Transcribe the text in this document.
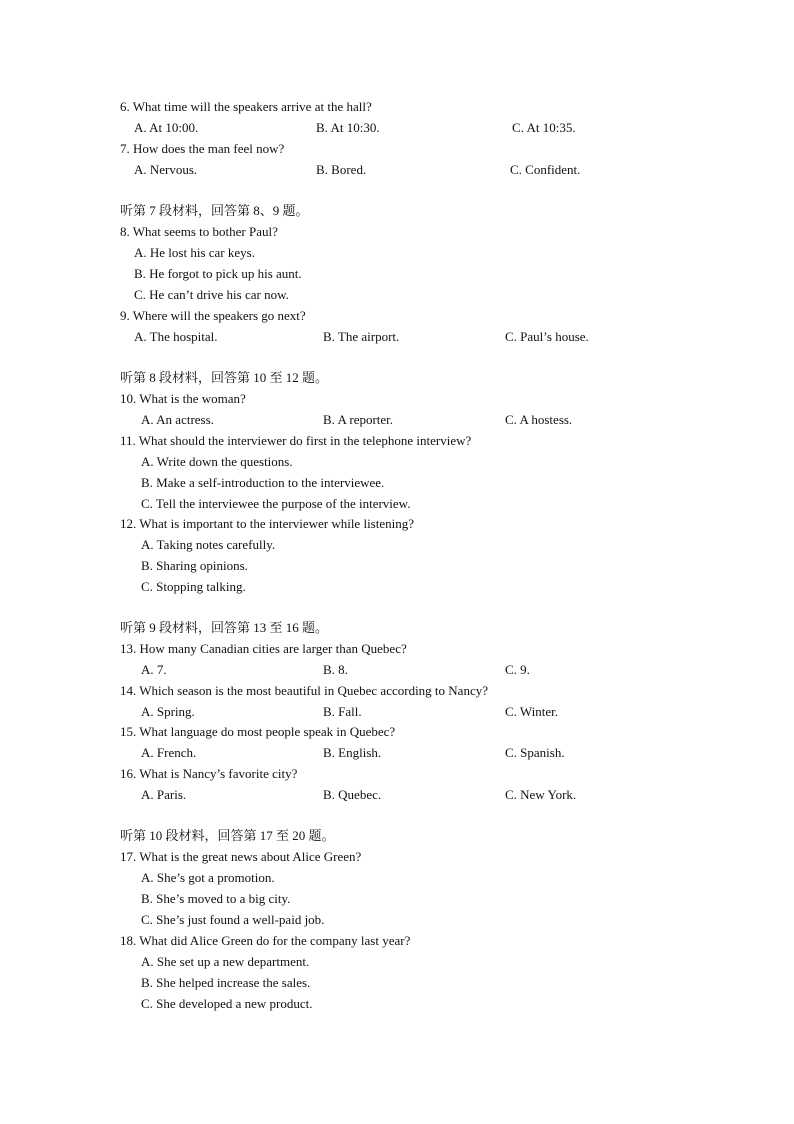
6. What time will the speakers arrive at the hall?
A. At 10:00.	B. At 10:30.	C. At 10:35.
7. How does the man feel now?
A. Nervous.	B. Bored.	C. Confident.
听第 7 段材料，回答第 8、9 题。
8. What seems to bother Paul?
A. He lost his car keys.
B. He forgot to pick up his aunt.
C. He can’t drive his car now.
9. Where will the speakers go next?
A. The hospital.	B. The airport.	C. Paul’s house.
听第 8 段材料，回答第 10 至 12 题。
10. What is the woman?
A. An actress.	B. A reporter.	C. A hostess.
11. What should the interviewer do first in the telephone interview?
A. Write down the questions.
B. Make a self-introduction to the interviewee.
C. Tell the interviewee the purpose of the interview.
12. What is important to the interviewer while listening?
A. Taking notes carefully.
B. Sharing opinions.
C. Stopping talking.
听第 9 段材料，回答第 13 至 16 题。
13. How many Canadian cities are larger than Quebec?
A. 7.	B. 8.	C. 9.
14. Which season is the most beautiful in Quebec according to Nancy?
A. Spring.	B. Fall.	C. Winter.
15. What language do most people speak in Quebec?
A. French.	B. English.	C. Spanish.
16. What is Nancy’s favorite city?
A. Paris.	B. Quebec.	C. New York.
听第 10 段材料，回答第 17 至 20 题。
17. What is the great news about Alice Green?
A. She’s got a promotion.
B. She’s moved to a big city.
C. She’s just found a well-paid job.
18. What did Alice Green do for the company last year?
A. She set up a new department.
B. She helped increase the sales.
C. She developed a new product.
